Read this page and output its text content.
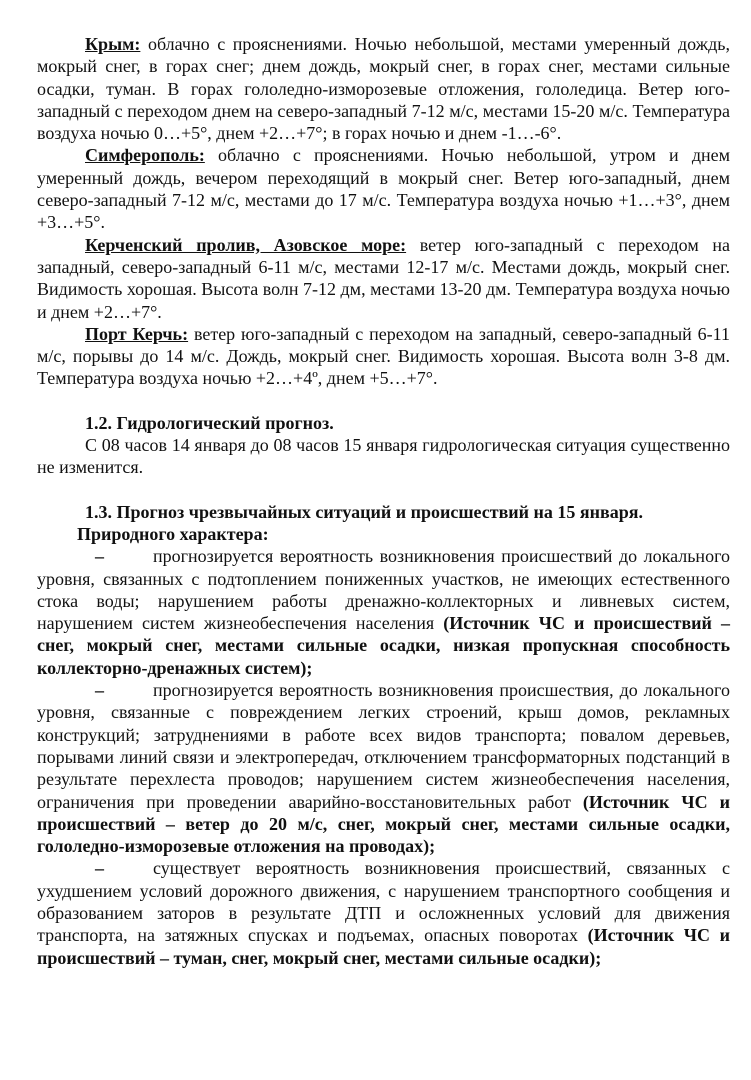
Крым: облачно с прояснениями. Ночью небольшой, местами умеренный дождь, мокрый снег, в горах снег; днем дождь, мокрый снег, в горах снег, местами сильные осадки, туман. В горах гололедно-изморозевые отложения, гололедица. Ветер юго-западный с переходом днем на северо-западный 7-12 м/с, местами 15-20 м/с. Температура воздуха ночью 0…+5°, днем +2…+7°; в горах ночью и днем -1…-6°.

Симферополь: облачно с прояснениями. Ночью небольшой, утром и днем умеренный дождь, вечером переходящий в мокрый снег. Ветер юго-западный, днем северо-западный 7-12 м/с, местами до 17 м/с. Температура воздуха ночью +1…+3°, днем +3…+5°.

Керченский пролив, Азовское море: ветер юго-западный с переходом на западный, северо-западный 6-11 м/с, местами 12-17 м/с. Местами дождь, мокрый снег. Видимость хорошая. Высота волн 7-12 дм, местами 13-20 дм. Температура воздуха ночью и днем +2…+7°.

Порт Керчь: ветер юго-западный с переходом на западный, северо-западный 6-11 м/с, порывы до 14 м/с. Дождь, мокрый снег. Видимость хорошая. Высота волн 3-8 дм. Температура воздуха ночью +2…+4º, днем +5…+7°.

1.2. Гидрологический прогноз.

С 08 часов 14 января до 08 часов 15 января гидрологическая ситуация существенно не изменится.

1.3. Прогноз чрезвычайных ситуаций и происшествий на 15 января.

Природного характера:

–	прогнозируется вероятность возникновения происшествий до локального уровня, связанных с подтоплением пониженных участков, не имеющих естественного стока воды; нарушением работы дренажно-коллекторных и ливневых систем, нарушением систем жизнеобеспечения населения (Источник ЧС и происшествий – снег, мокрый снег, местами сильные осадки, низкая пропускная способность коллекторно-дренажных систем);

–	прогнозируется вероятность возникновения происшествия, до локального уровня, связанные с повреждением легких строений, крыш домов, рекламных конструкций; затруднениями в работе всех видов транспорта; повалом деревьев, порывами линий связи и электропередач, отключением трансформаторных подстанций в результате перехлеста проводов; нарушением систем жизнеобеспечения населения, ограничения при проведении аварийно-восстановительных работ (Источник ЧС и происшествий – ветер до 20 м/с, снег, мокрый снег, местами сильные осадки, гололедно-изморозевые отложения на проводах);

–	существует вероятность возникновения происшествий, связанных с ухудшением условий дорожного движения, с нарушением транспортного сообщения и образованием заторов в результате ДТП и осложненных условий для движения транспорта, на затяжных спусках и подъемах, опасных поворотах (Источник ЧС и происшествий – туман, снег, мокрый снег, местами сильные осадки);
